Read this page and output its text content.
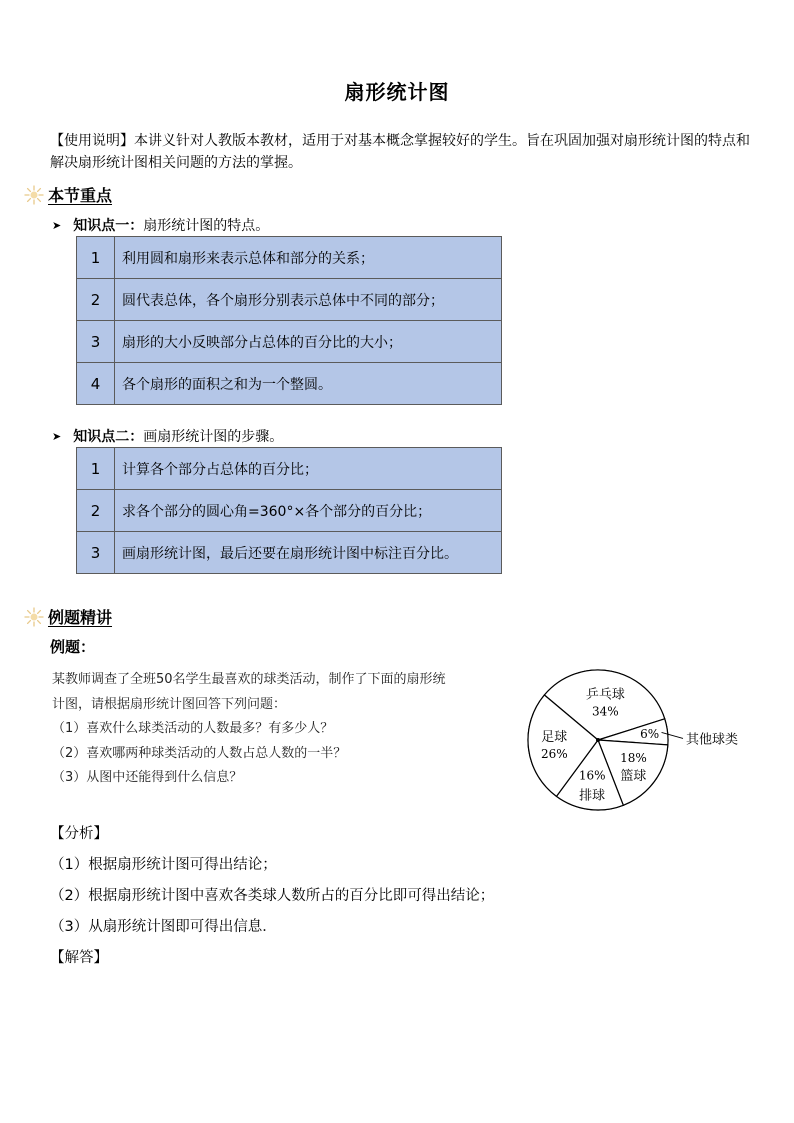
扇形统计图
【使用说明】本讲义针对人教版本教材，适用于对基本概念掌握较好的学生。旨在巩固加强对扇形统计图的特点和解决扇形统计图相关问题的方法的掌握。
本节重点
➤ 知识点一： 扇形统计图的特点。
1	利用圆和扇形来表示总体和部分的关系；
2	圆代表总体，各个扇形分别表示总体中不同的部分；
3	扇形的大小反映部分占总体的百分比的大小；
4	各个扇形的面积之和为一个整圆。
➤ 知识点二： 画扇形统计图的步骤。
1	计算各个部分占总体的百分比；
2	求各个部分的圆心角=360°×各个部分的百分比；
3	画扇形统计图，最后还要在扇形统计图中标注百分比。
例题精讲
例题：
某教师调查了全班50名学生最喜欢的球类活动，制作了下面的扇形统
计图，请根据扇形统计图回答下列问题：
（1）喜欢什么球类活动的人数最多？有多少人？
（2）喜欢哪两种球类活动的人数占总人数的一半？
（3）从图中还能得到什么信息？
乒乓球
34%
6% 其他球类
篮球
18%
排球
16%
足球
26%
【分析】
（1）根据扇形统计图可得出结论；
（2）根据扇形统计图中喜欢各类球人数所占的百分比即可得出结论；
（3）从扇形统计图即可得出信息．
【解答】
